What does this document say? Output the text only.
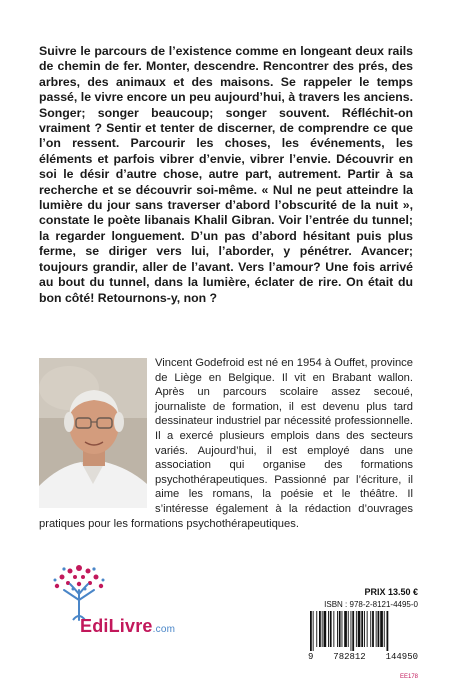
Suivre le parcours de l’existence comme en longeant deux rails de chemin de fer. Monter, descendre. Rencontrer des prés, des arbres, des animaux et des maisons. Se rappeler le temps passé, le vivre encore un peu aujourd’hui, à travers les anciens. Songer; songer beaucoup; songer souvent. Réfléchit-on vraiment ? Sentir et tenter de discerner, de comprendre ce que l’on ressent. Parcourir les choses, les événements, les éléments et parfois vibrer d’envie, vibrer l’envie. Découvrir en soi le désir d’autre chose, autre part, autrement. Partir à sa recherche et se découvrir soi-même. « Nul ne peut atteindre la lumière du jour sans traverser d’abord l’obscurité de la nuit », constate le poète libanais Khalil Gibran. Voir l’entrée du tunnel; la regarder longuement. D’un pas d’abord hésitant puis plus ferme, se diriger vers lui, l’aborder, y pénétrer. Avancer; toujours grandir, aller de l’avant. Vers l’amour? Une fois arrivé au bout du tunnel, dans la lumière, éclater de rire. On était du bon côté! Retournons-y, non ?

Vincent Godefroid est né en 1954 à Ouffet, province de Liège en Belgique. Il vit en Brabant wallon. Après un parcours scolaire assez secoué, journaliste de formation, il est devenu plus tard dessinateur industriel par nécessité professionnelle. Il a exercé plusieurs emplois dans des secteurs variés. Aujourd’hui, il est employé dans une association qui organise des formations psychothérapeutiques. Passionné par l’écriture, il aime les romans, la poésie et le théâtre. Il s’intéresse également à la rédaction d’ouvrages pratiques pour les formations psychothérapeutiques.

EdiLivre.com

PRIX 13.50 €

ISBN : 978-2-8121-4495-0

9 782812 144950
EE178
